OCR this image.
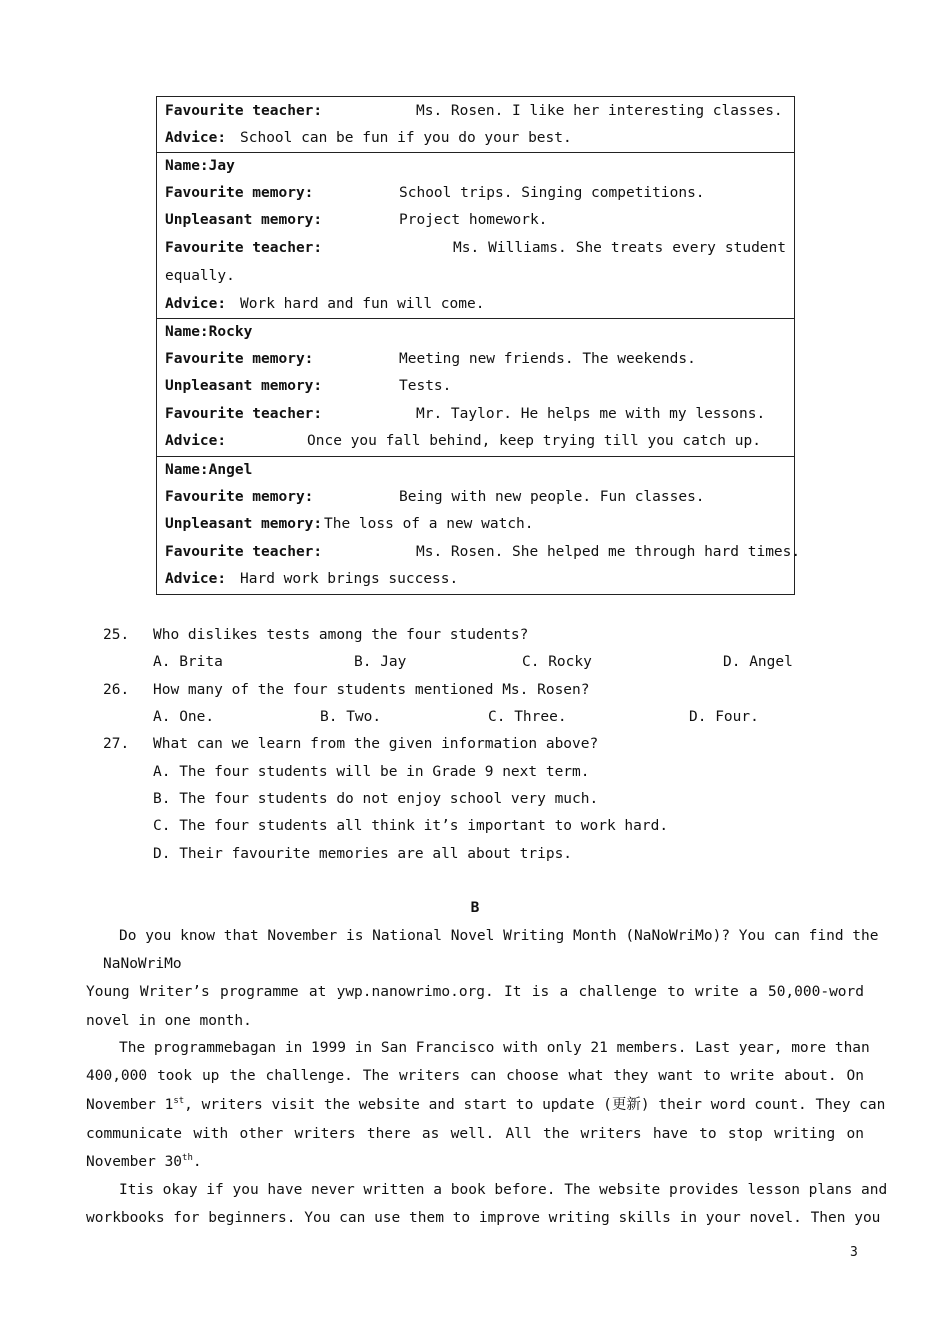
Favourite teacher:	Ms. Rosen. I like her interesting classes.
Advice: School can be fun if you do your best.
Name:Jay
Favourite memory:	School trips. Singing competitions.
Unpleasant memory:	Project homework.
Favourite teacher:	Ms. Williams. She treats every student
equally.
Advice: Work hard and fun will come.
Name:Rocky
Favourite memory:	Meeting new friends. The weekends.
Unpleasant memory:	Tests.
Favourite teacher:	Mr. Taylor. He helps me with my lessons.
Advice:	Once you fall behind, keep trying till you catch up.
Name:Angel
Favourite memory:	Being with new people. Fun classes.
Unpleasant memory: The loss of a new watch.
Favourite teacher:	Ms. Rosen. She helped me through hard times.
Advice: Hard work brings success.
25. Who dislikes tests among the four students?
A. Brita	B. Jay	C. Rocky	D. Angel
26. How many of the four students mentioned Ms. Rosen?
A. One.	B. Two.	C. Three.	D. Four.
27. What can we learn from the given information above?
A. The four students will be in Grade 9 next term.
B. The four students do not enjoy school very much.
C. The four students all think it’s important to work hard.
D. Their favourite memories are all about trips.
B
Do you know that November is National Novel Writing Month (NaNoWriMo)? You can find the
NaNoWriMo
Young Writer’s programme at ywp.nanowrimo.org. It is a challenge to write a 50,000-word
novel in one month.
The programmebagan in 1999 in San Francisco with only 21 members. Last year, more than
400,000 took up the challenge. The writers can choose what they want to write about. On
November 1st, writers visit the website and start to update (更新) their word count. They can
communicate with other writers there as well. All the writers have to stop writing on
November 30th.
Itis okay if you have never written a book before. The website provides lesson plans and
workbooks for beginners. You can use them to improve writing skills in your novel. Then you
3
